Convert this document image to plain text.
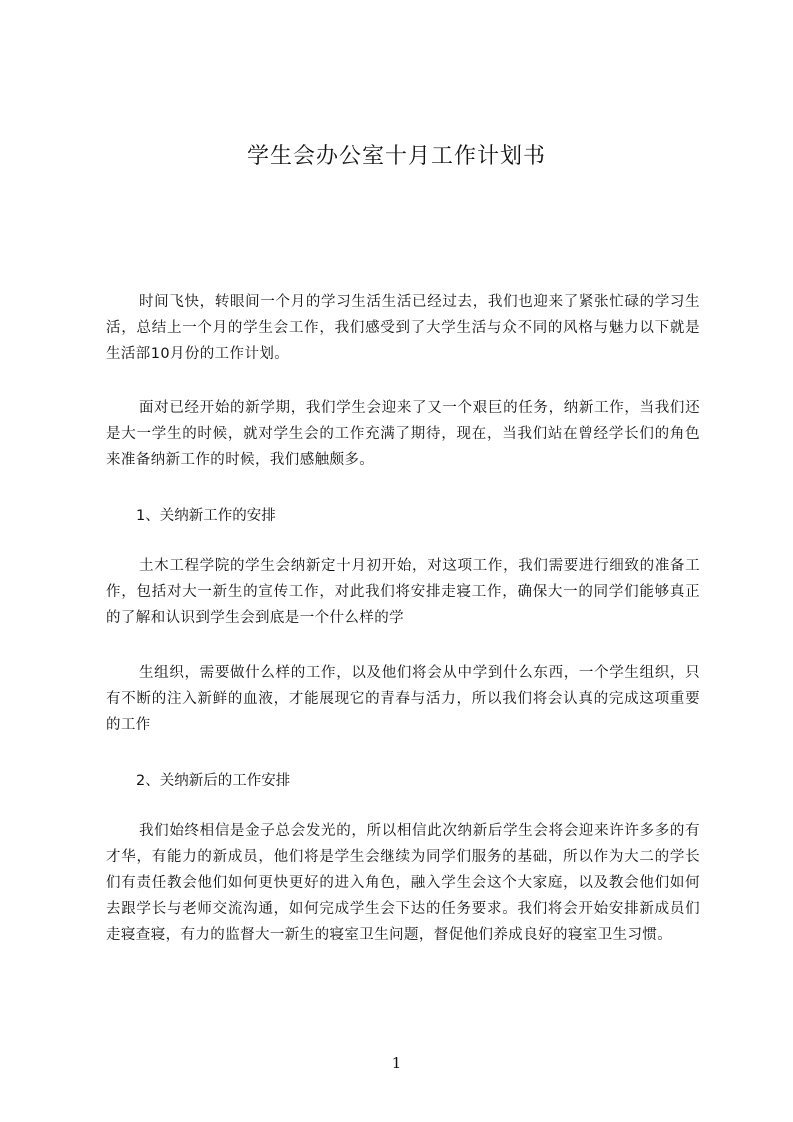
学生会办公室十月工作计划书

时间飞快，转眼间一个月的学习生活生活已经过去，我们也迎来了紧张忙碌的学习生活，总结上一个月的学生会工作，我们感受到了大学生活与众不同的风格与魅力以下就是生活部10月份的工作计划。

面对已经开始的新学期，我们学生会迎来了又一个艰巨的任务，纳新工作，当我们还是大一学生的时候，就对学生会的工作充满了期待，现在，当我们站在曾经学长们的角色来准备纳新工作的时候，我们感触颇多。

1、关纳新工作的安排

土木工程学院的学生会纳新定十月初开始，对这项工作，我们需要进行细致的准备工作，包括对大一新生的宣传工作，对此我们将安排走寝工作，确保大一的同学们能够真正的了解和认识到学生会到底是一个什么样的学

生组织，需要做什么样的工作，以及他们将会从中学到什么东西，一个学生组织，只有不断的注入新鲜的血液，才能展现它的青春与活力，所以我们将会认真的完成这项重要的工作

2、关纳新后的工作安排

我们始终相信是金子总会发光的，所以相信此次纳新后学生会将会迎来许许多多的有才华，有能力的新成员，他们将是学生会继续为同学们服务的基础，所以作为大二的学长们有责任教会他们如何更快更好的进入角色，融入学生会这个大家庭，以及教会他们如何去跟学长与老师交流沟通，如何完成学生会下达的任务要求。我们将会开始安排新成员们走寝查寝，有力的监督大一新生的寝室卫生问题，督促他们养成良好的寝室卫生习惯。

1
